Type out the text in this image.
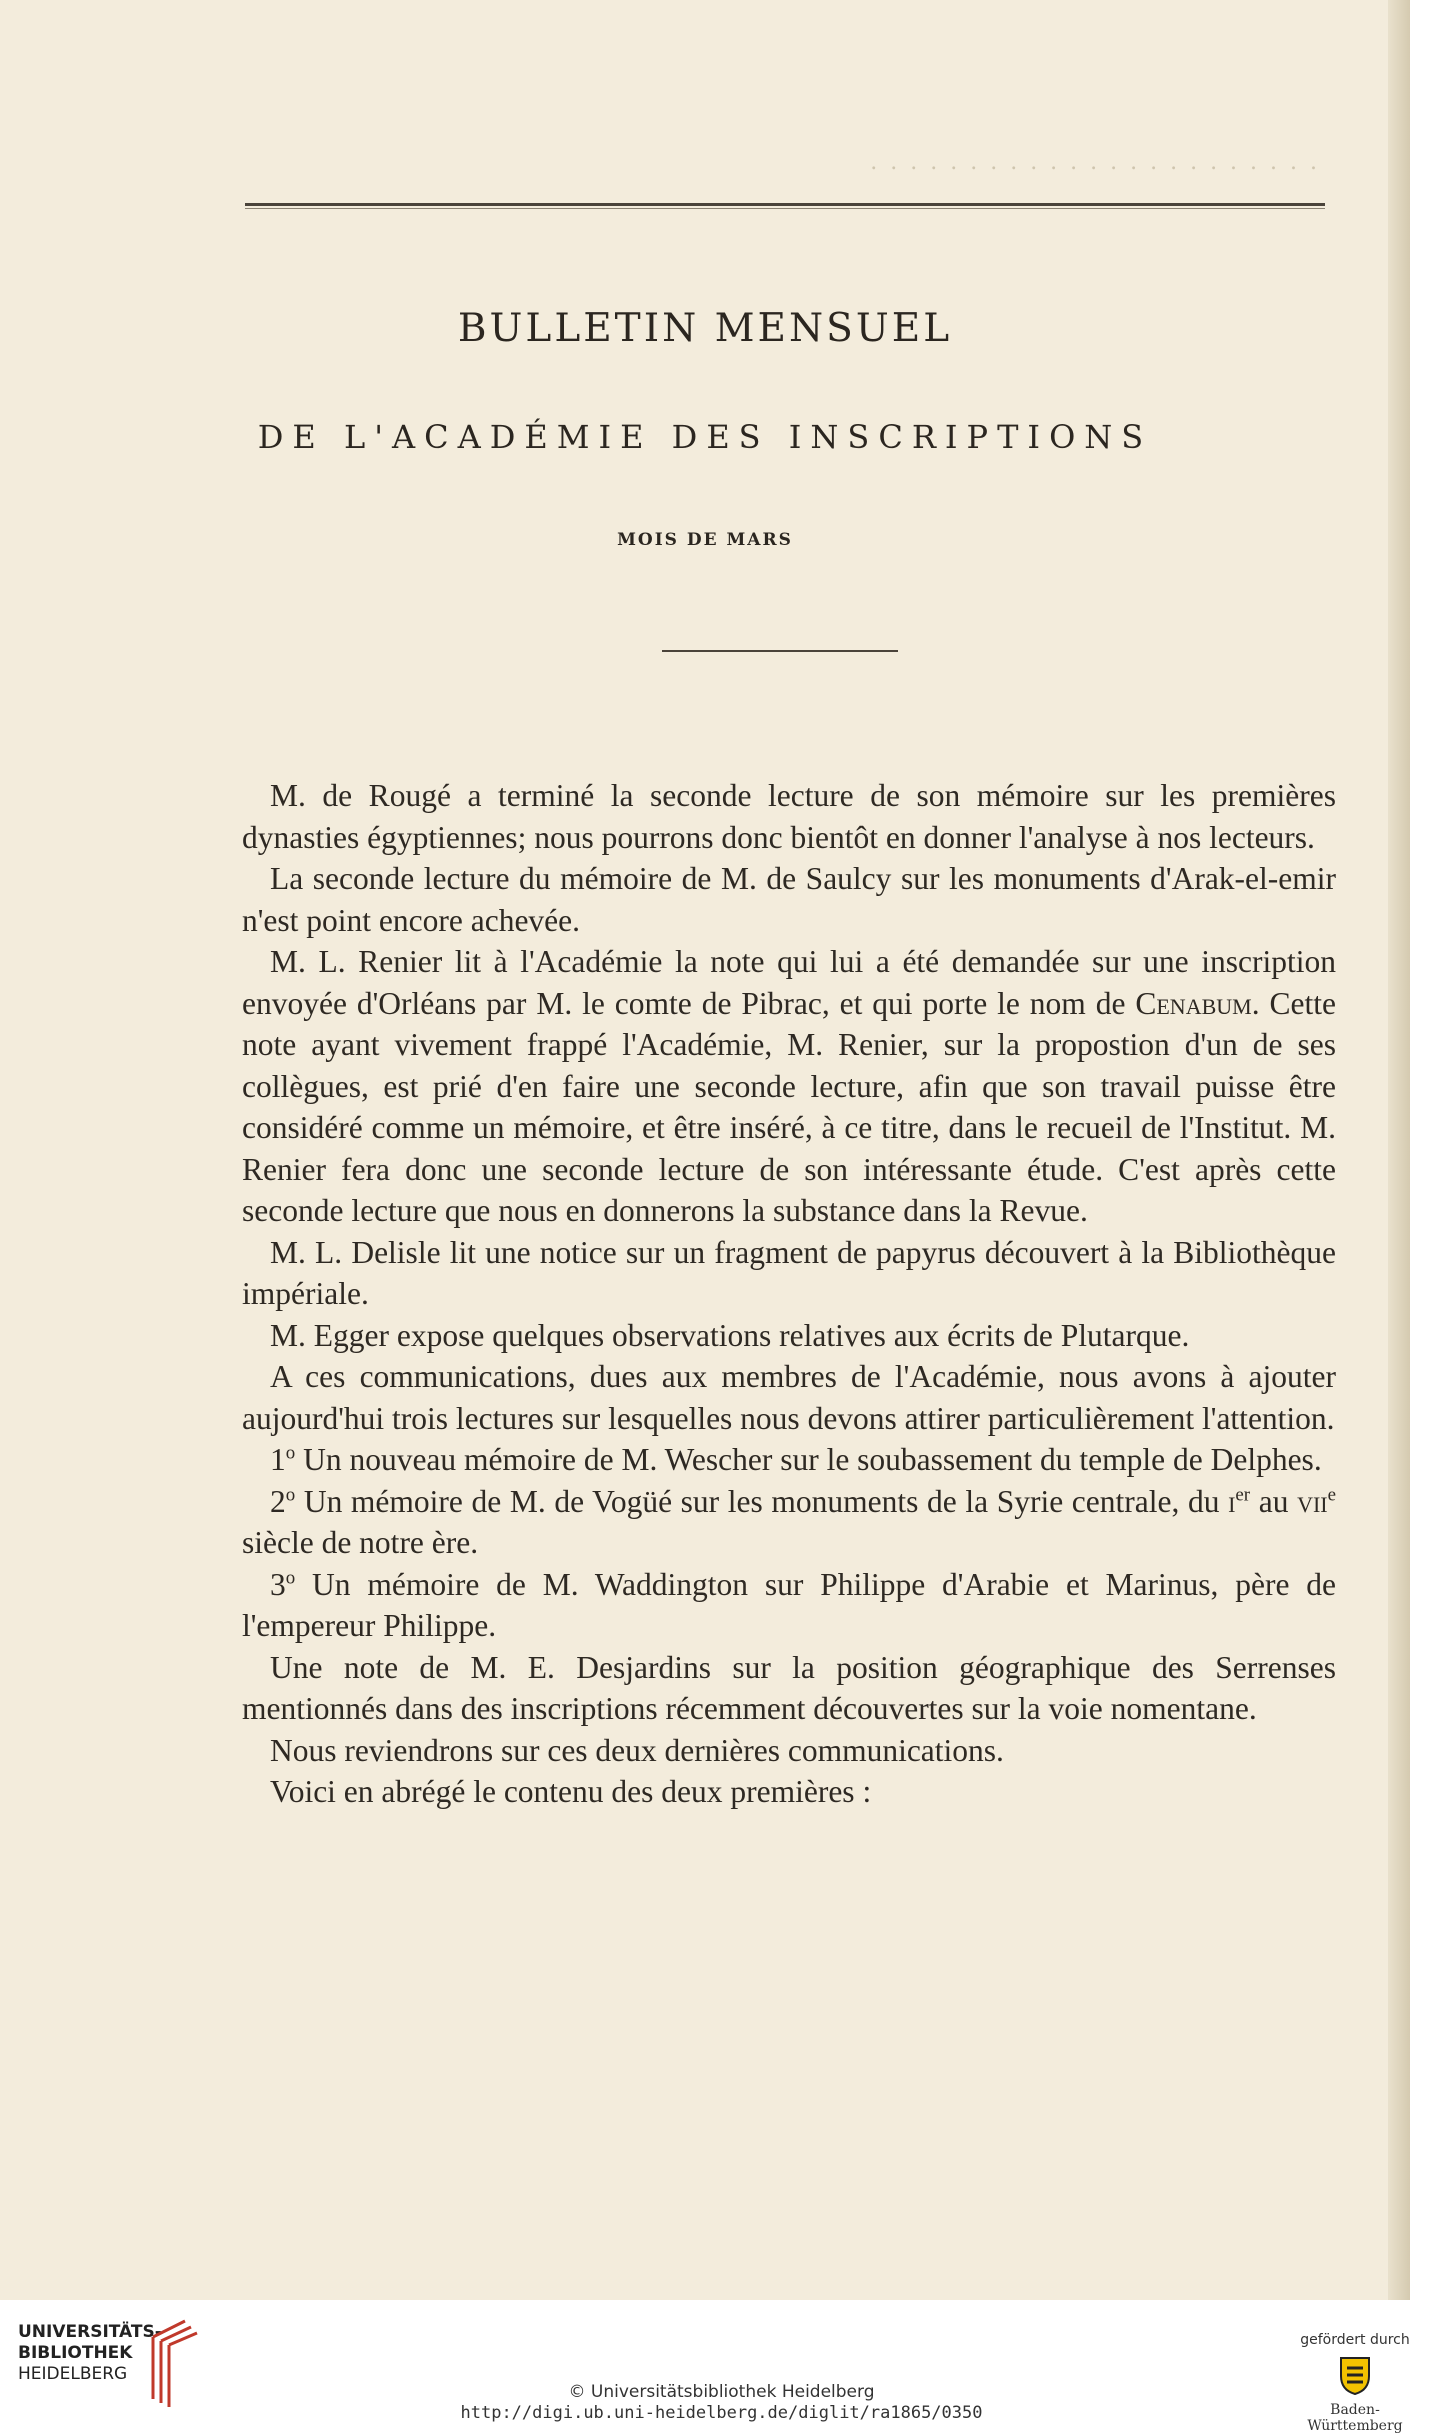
. . . . . . . . . . . . . . . . . . . . . . .
BULLETIN MENSUEL
DE L'ACADÉMIE DES INSCRIPTIONS
MOIS DE MARS

M. de Rougé a terminé la seconde lecture de son mémoire sur les premières dynasties égyptiennes; nous pourrons donc bientôt en donner l'analyse à nos lecteurs.

La seconde lecture du mémoire de M. de Saulcy sur les monuments d'Arak-el-emir n'est point encore achevée.

M. L. Renier lit à l'Académie la note qui lui a été demandée sur une inscription envoyée d'Orléans par M. le comte de Pibrac, et qui porte le nom de Cenabum. Cette note ayant vivement frappé l'Académie, M. Renier, sur la propostion d'un de ses collègues, est prié d'en faire une seconde lecture, afin que son travail puisse être considéré comme un mémoire, et être inséré, à ce titre, dans le recueil de l'Institut. M. Renier fera donc une seconde lecture de son intéressante étude. C'est après cette seconde lecture que nous en donnerons la substance dans la Revue.

M. L. Delisle lit une notice sur un fragment de papyrus découvert à la Bibliothèque impériale.

M. Egger expose quelques observations relatives aux écrits de Plutarque.

A ces communications, dues aux membres de l'Académie, nous avons à ajouter aujourd'hui trois lectures sur lesquelles nous devons attirer particulièrement l'attention.

1$^o$ Un nouveau mémoire de M. Wescher sur le soubassement du temple de Delphes.

2$^o$ Un mémoire de M. de Vogüé sur les monuments de la Syrie centrale, du $i^{er}$ au vii$^e$ siècle de notre ère.

3$^o$ Un mémoire de M. Waddington sur Philippe d'Arabie et Marinus, père de l'empereur Philippe.

Une note de M. E. Desjardins sur la position géographique des Serrenses mentionnés dans des inscriptions récemment découvertes sur la voie nomentane.

Nous reviendrons sur ces deux dernières communications.

Voici en abrégé le contenu des deux premières :

UNIVERSITÄTS-
BIBLIOTHEK
HEIDELBERG
© Universitätsbibliothek Heidelberg
http://digi.ub.uni-heidelberg.de/diglit/ra1865/0350
gefördert durch
Baden-Württemberg
